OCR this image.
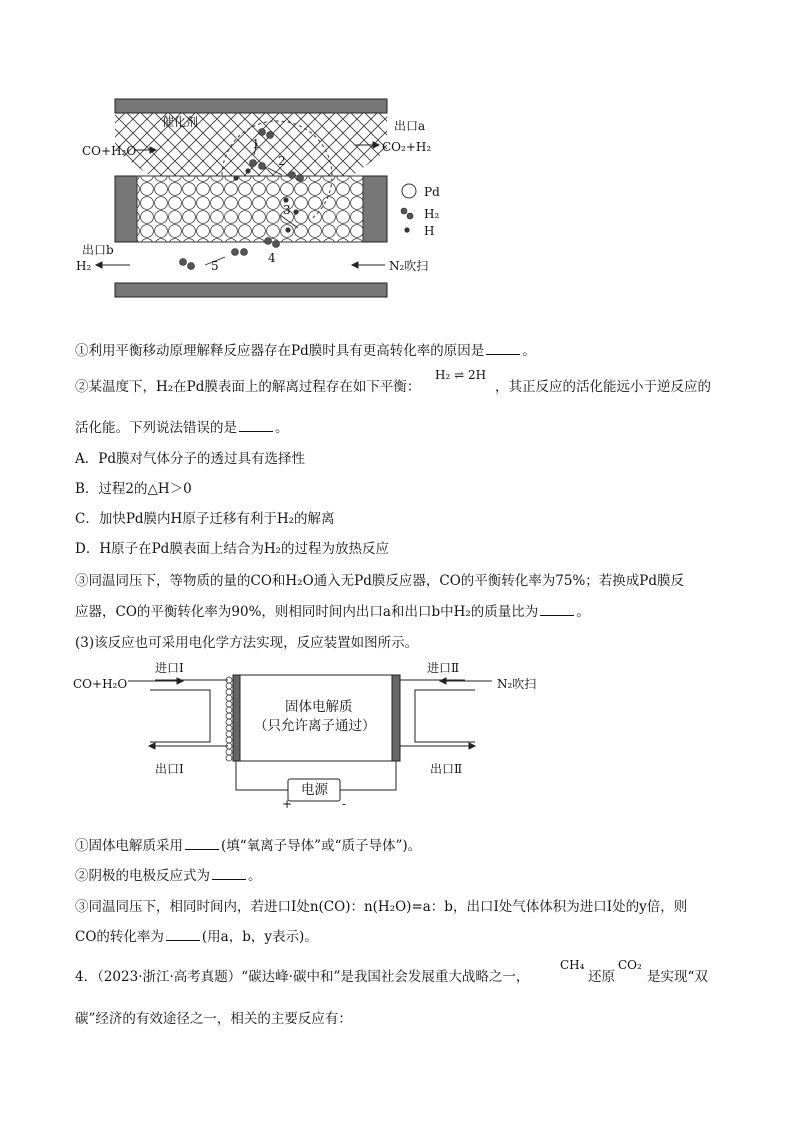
催化剂
CO+H₂O
出口a
CO₂+H₂
出口b
H₂	N₂吹扫
Pd
H₂
H
1
2
3
4
5
①利用平衡移动原理解释反应器存在Pd膜时具有更高转化率的原因是	。
②某温度下，H₂在Pd膜表面上的解离过程存在如下平衡：
H₂ ⇌ 2H
，其正反应的活化能远小于逆反应的
活化能。下列说法错误的是	。
A．Pd膜对气体分子的透过具有选择性
B．过程2的△H＞0
C．加快Pd膜内H原子迁移有利于H₂的解离
D．H原子在Pd膜表面上结合为H₂的过程为放热反应
③同温同压下，等物质的量的CO和H₂O通入无Pd膜反应器，CO的平衡转化率为75%；若换成Pd膜反
应器，CO的平衡转化率为90%，则相同时间内出口a和出口b中H₂的质量比为	。
(3)该反应也可采用电化学方法实现，反应装置如图所示。
进口Ⅰ	进口Ⅱ
CO+H₂O	N₂吹扫
固体电解质
（只允许离子通过）
出口Ⅰ	出口Ⅱ
电源
+	-
①固体电解质采用	(填“氧离子导体”或“质子导体”)。
②阴极的电极反应式为	。
③同温同压下，相同时间内，若进口Ⅰ处n(CO)：n(H₂O)=a：b，出口Ⅰ处气体体积为进口Ⅰ处的y倍，则
CO的转化率为	(用a，b，y表示)。
4．（2023·浙江·高考真题）“碳达峰·碳中和”是我国社会发展重大战略之一，
CH₄
还原
CO₂
是实现“双
碳”经济的有效途径之一，相关的主要反应有：
